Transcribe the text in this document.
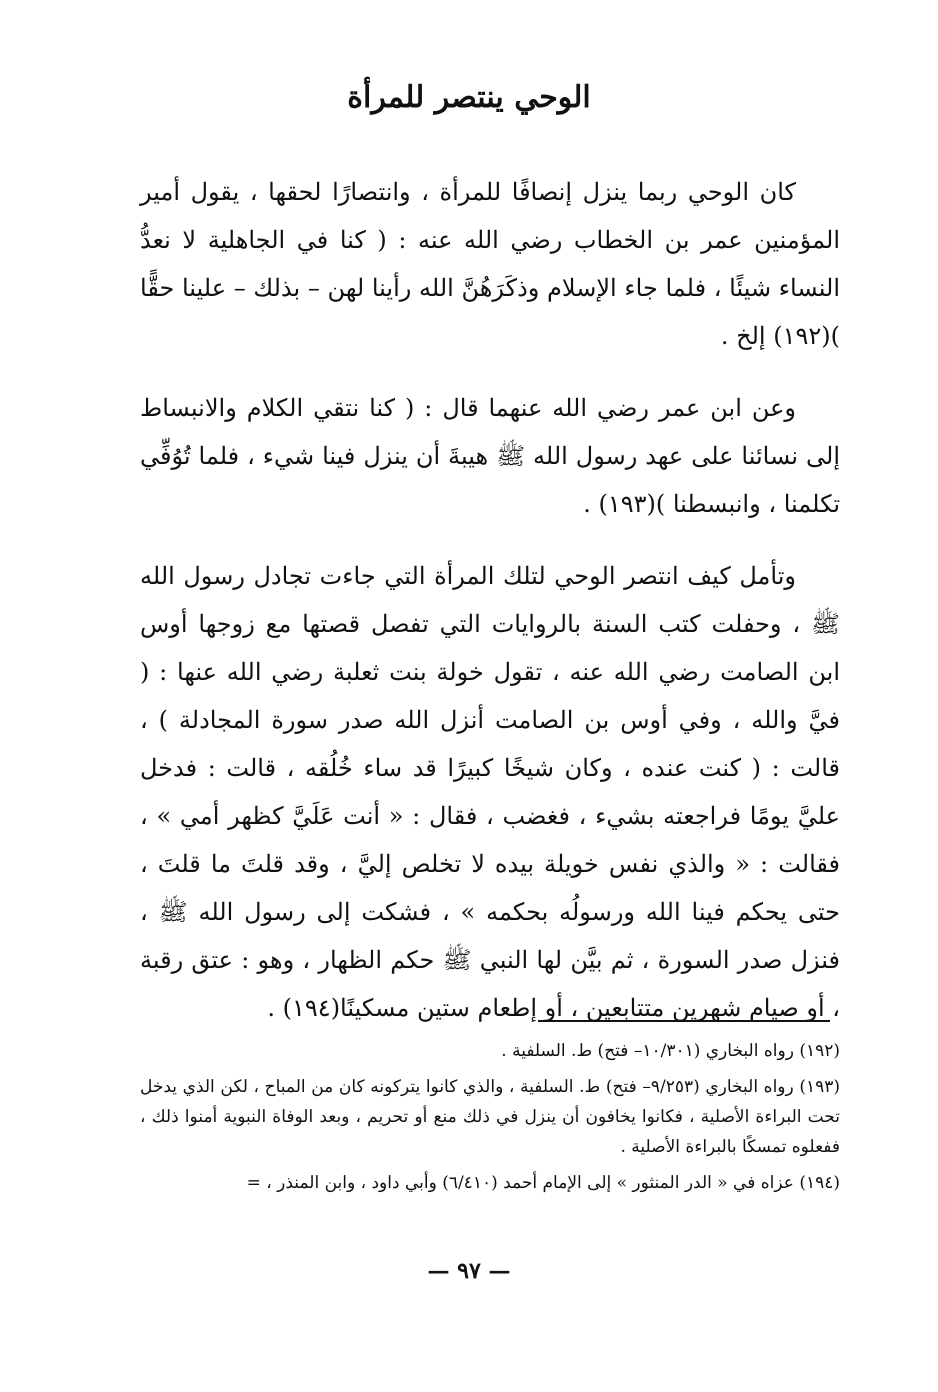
الوحي ينتصر للمرأة

كان الوحي ربما ينزل إنصافًا للمرأة ، وانتصارًا لحقها ، يقول أمير المؤمنين عمر بن الخطاب رضي الله عنه : ( كنا في الجاهلية لا نعدُّ النساء شيئًا ، فلما جاء الإسلام وذكَرَهُنَّ الله رأينا لهن – بذلك – علينا حقًّا )(١٩٢) إلخ .

وعن ابن عمر رضي الله عنهما قال : ( كنا نتقي الكلام والانبساط إلى نسائنا على عهد رسول الله ﷺ هيبةَ أن ينزل فينا شيء ، فلما تُوُفِّي تكلمنا ، وانبسطنا )(١٩٣) .

وتأمل كيف انتصر الوحي لتلك المرأة التي جاءت تجادل رسول الله ﷺ ، وحفلت كتب السنة بالروايات التي تفصل قصتها مع زوجها أوس ابن الصامت رضي الله عنه ، تقول خولة بنت ثعلبة رضي الله عنها : ( فيَّ والله ، وفي أوس بن الصامت أنزل الله صدر سورة المجادلة ) ، قالت : ( كنت عنده ، وكان شيخًا كبيرًا قد ساء خُلُقه ، قالت : فدخل عليَّ يومًا فراجعته بشيء ، فغضب ، فقال : « أنت عَلَيَّ كظهر أمي » ، فقالت : « والذي نفس خويلة بيده لا تخلص إليَّ ، وقد قلتَ ما قلتَ ، حتى يحكم فينا الله ورسولُه بحكمه » ، فشكت إلى رسول الله ﷺ ، فنزل صدر السورة ، ثم بيَّن لها النبي ﷺ حكم الظهار ، وهو : عتق رقبة ، أو صيام شهرين متتابعين ، أو إطعام ستين مسكينًا(١٩٤) .

(١٩٢) رواه البخاري (١٠/٣٠١– فتح) ط. السلفية .
(١٩٣) رواه البخاري (٩/٢٥٣– فتح) ط. السلفية ، والذي كانوا يتركونه كان من المباح ، لكن الذي يدخل تحت البراءة الأصلية ، فكانوا يخافون أن ينزل في ذلك منع أو تحريم ، وبعد الوفاة النبوية أمنوا ذلك ، ففعلوه تمسكًا بالبراءة الأصلية .
(١٩٤) عزاه في « الدر المنثور » إلى الإمام أحمد (٦/٤١٠) وأبي داود ، وابن المنذر ، =
— ٩٧ —
